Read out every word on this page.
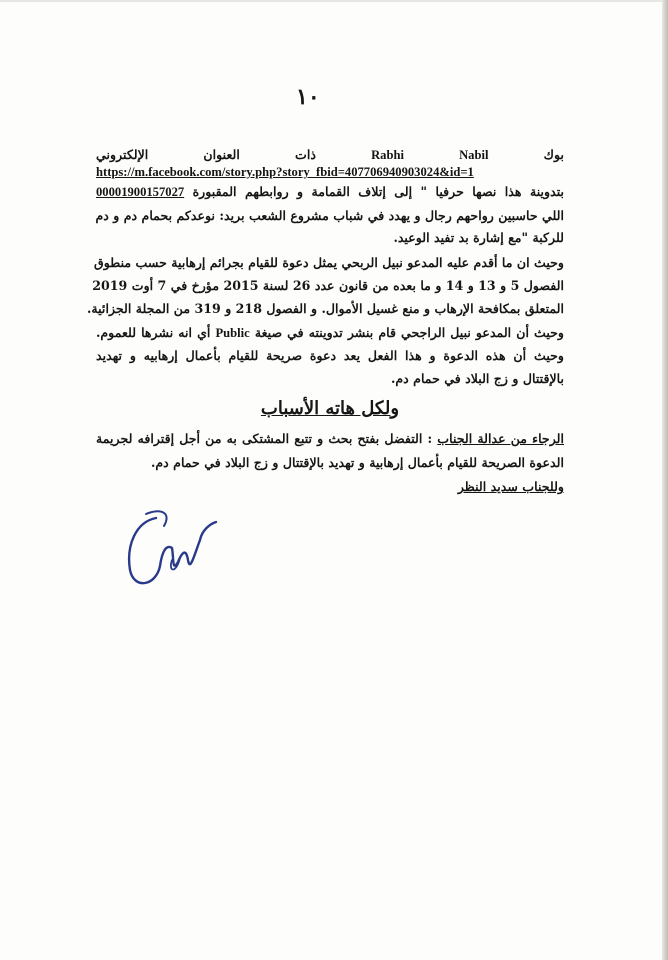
١٠
بوك Nabil Rabhi ذات العنوان الإلكتروني
https://m.facebook.com/story.php?story_fbid=407706940903024&id=1
بتدوينة هذا نصها حرفيا " إلى إتلاف القمامة و روابطهم المقبورة 00001900157027
اللي حاسبين رواحهم رجال و يهدد في شباب مشروع الشعب بريد: نوعدكم بحمام دم و دم
للركبة "مع إشارة بد تفيد الوعيد.
وحيث ان ما أقدم عليه المدعو نبيل الربحي يمثل دعوة للقيام بجرائم إرهابية حسب منطوق
الفصول 5 و 13 و 14 و ما بعده من قانون عدد 26 لسنة 2015 مؤرخ في 7 أوت 2019
المتعلق بمكافحة الإرهاب و منع غسيل الأموال. و الفصول 218 و 319 من المجلة الجزائية.
وحيث أن المدعو نبيل الراجحي قام بنشر تدوينته في صيغة Public أي انه نشرها للعموم.
وحيث أن هذه الدعوة و هذا الفعل يعد دعوة صريحة للقيام بأعمال إرهابيه و تهديد
بالإقتتال و زج البلاد في حمام دم.
ولكل هاته الأسباب
الرجاء من عدالة الجناب : التفضل بفتح بحث و تتبع المشتكى به من أجل إقترافه لجريمة
الدعوة الصريحة للقيام بأعمال إرهابية و تهديد بالإقتتال و زج البلاد في حمام دم.
وللجناب سديد النظر
